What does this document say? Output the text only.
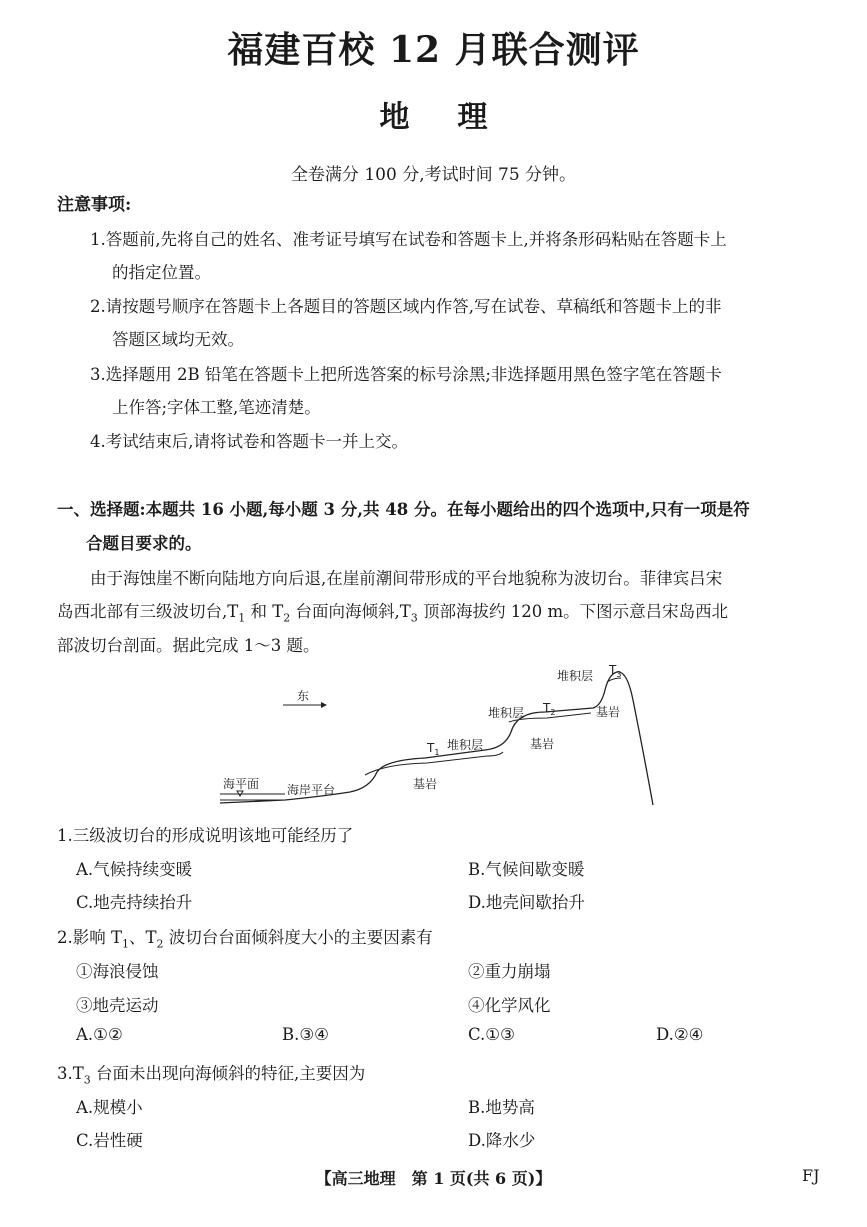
福建百校 12 月联合测评
地 理
全卷满分 100 分,考试时间 75 分钟。
注意事项:
1.答题前,先将自己的姓名、准考证号填写在试卷和答题卡上,并将条形码粘贴在答题卡上
的指定位置。
2.请按题号顺序在答题卡上各题目的答题区域内作答,写在试卷、草稿纸和答题卡上的非
答题区域均无效。
3.选择题用 2B 铅笔在答题卡上把所选答案的标号涂黑;非选择题用黑色签字笔在答题卡
上作答;字体工整,笔迹清楚。
4.考试结束后,请将试卷和答题卡一并上交。
一、选择题:本题共 16 小题,每小题 3 分,共 48 分。在每小题给出的四个选项中,只有一项是符
合题目要求的。
由于海蚀崖不断向陆地方向后退,在崖前潮间带形成的平台地貌称为波切台。菲律宾吕宋
岛西北部有三级波切台$,T_1$ 和 $T_2$ 台面向海倾斜$,T_3$ 顶部海拔约 120 m。下图示意吕宋岛西北
部波切台剖面。据此完成 1～3 题。
东
海平面 海岸平台	基岩
基岩
基岩
堆积层
堆积层
堆积层
$T_1$
$T_2$
$T_3$
1.三级波切台的形成说明该地可能经历了
A.气候持续变暖	B.气候间歇变暖
C.地壳持续抬升	D.地壳间歇抬升
2.影响 $T_1$、$T_2$ 波切台台面倾斜度大小的主要因素有
①海浪侵蚀	②重力崩塌
③地壳运动	④化学风化
A.①②	B.③④	C.①③	D.②④
$3.T_3$ 台面未出现向海倾斜的特征,主要因为
A.规模小	B.地势高
C.岩性硬	D.降水少
【高三地理　第 1 页(共 6 页)】	FJ
